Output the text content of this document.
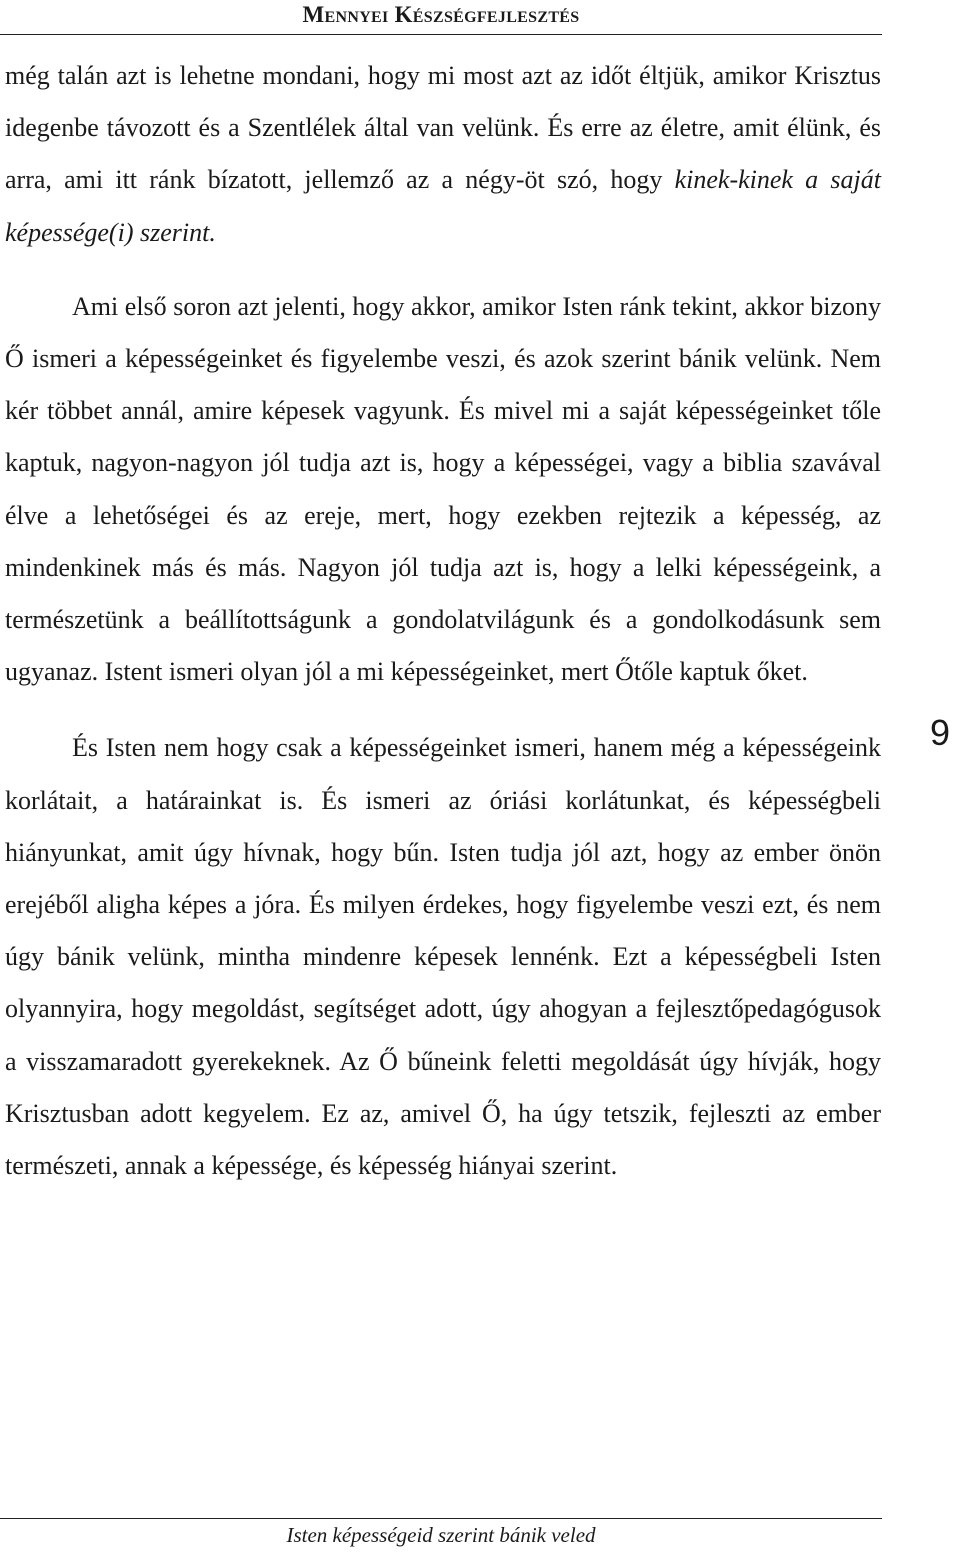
Mennyei Készségfejlesztés

még talán azt is lehetne mondani, hogy mi most azt az időt éltjük, amikor Krisztus idegenbe távozott és a Szentlélek által van velünk. És erre az életre, amit élünk, és arra, ami itt ránk bízatott, jellemző az a négy-öt szó, hogy kinek-kinek a saját képessége(i) szerint.

Ami első soron azt jelenti, hogy akkor, amikor Isten ránk tekint, akkor bizony Ő ismeri a képességeinket és figyelembe veszi, és azok szerint bánik velünk. Nem kér többet annál, amire képesek vagyunk. És mivel mi a saját képességeinket tőle kaptuk, nagyon-nagyon jól tudja azt is, hogy a képességei, vagy a biblia szavával élve a lehetőségei és az ereje, mert, hogy ezekben rejtezik a képesség, az mindenkinek más és más. Nagyon jól tudja azt is, hogy a lelki képességeink, a természetünk a beállítottságunk a gondolatvilágunk és a gondolkodásunk sem ugyanaz. Istent ismeri olyan jól a mi képességeinket, mert Őtőle kaptuk őket.

És Isten nem hogy csak a képességeinket ismeri, hanem még a képességeink korlátait, a határainkat is. És ismeri az óriási korlátunkat, és képességbeli hiányunkat, amit úgy hívnak, hogy bűn. Isten tudja jól azt, hogy az ember önön erejéből aligha képes a jóra. És milyen érdekes, hogy figyelembe veszi ezt, és nem úgy bánik velünk, mintha mindenre képesek lennénk. Ezt a képességbeli Isten olyannyira, hogy megoldást, segítséget adott, úgy ahogyan a fejlesztőpedagógusok a visszamaradott gyerekeknek. Az Ő bűneink feletti megoldását úgy hívják, hogy Krisztusban adott kegyelem. Ez az, amivel Ő, ha úgy tetszik, fejleszti az ember természeti, annak a képessége, és képesség hiányai szerint.

9
Isten képességeid szerint bánik veled
